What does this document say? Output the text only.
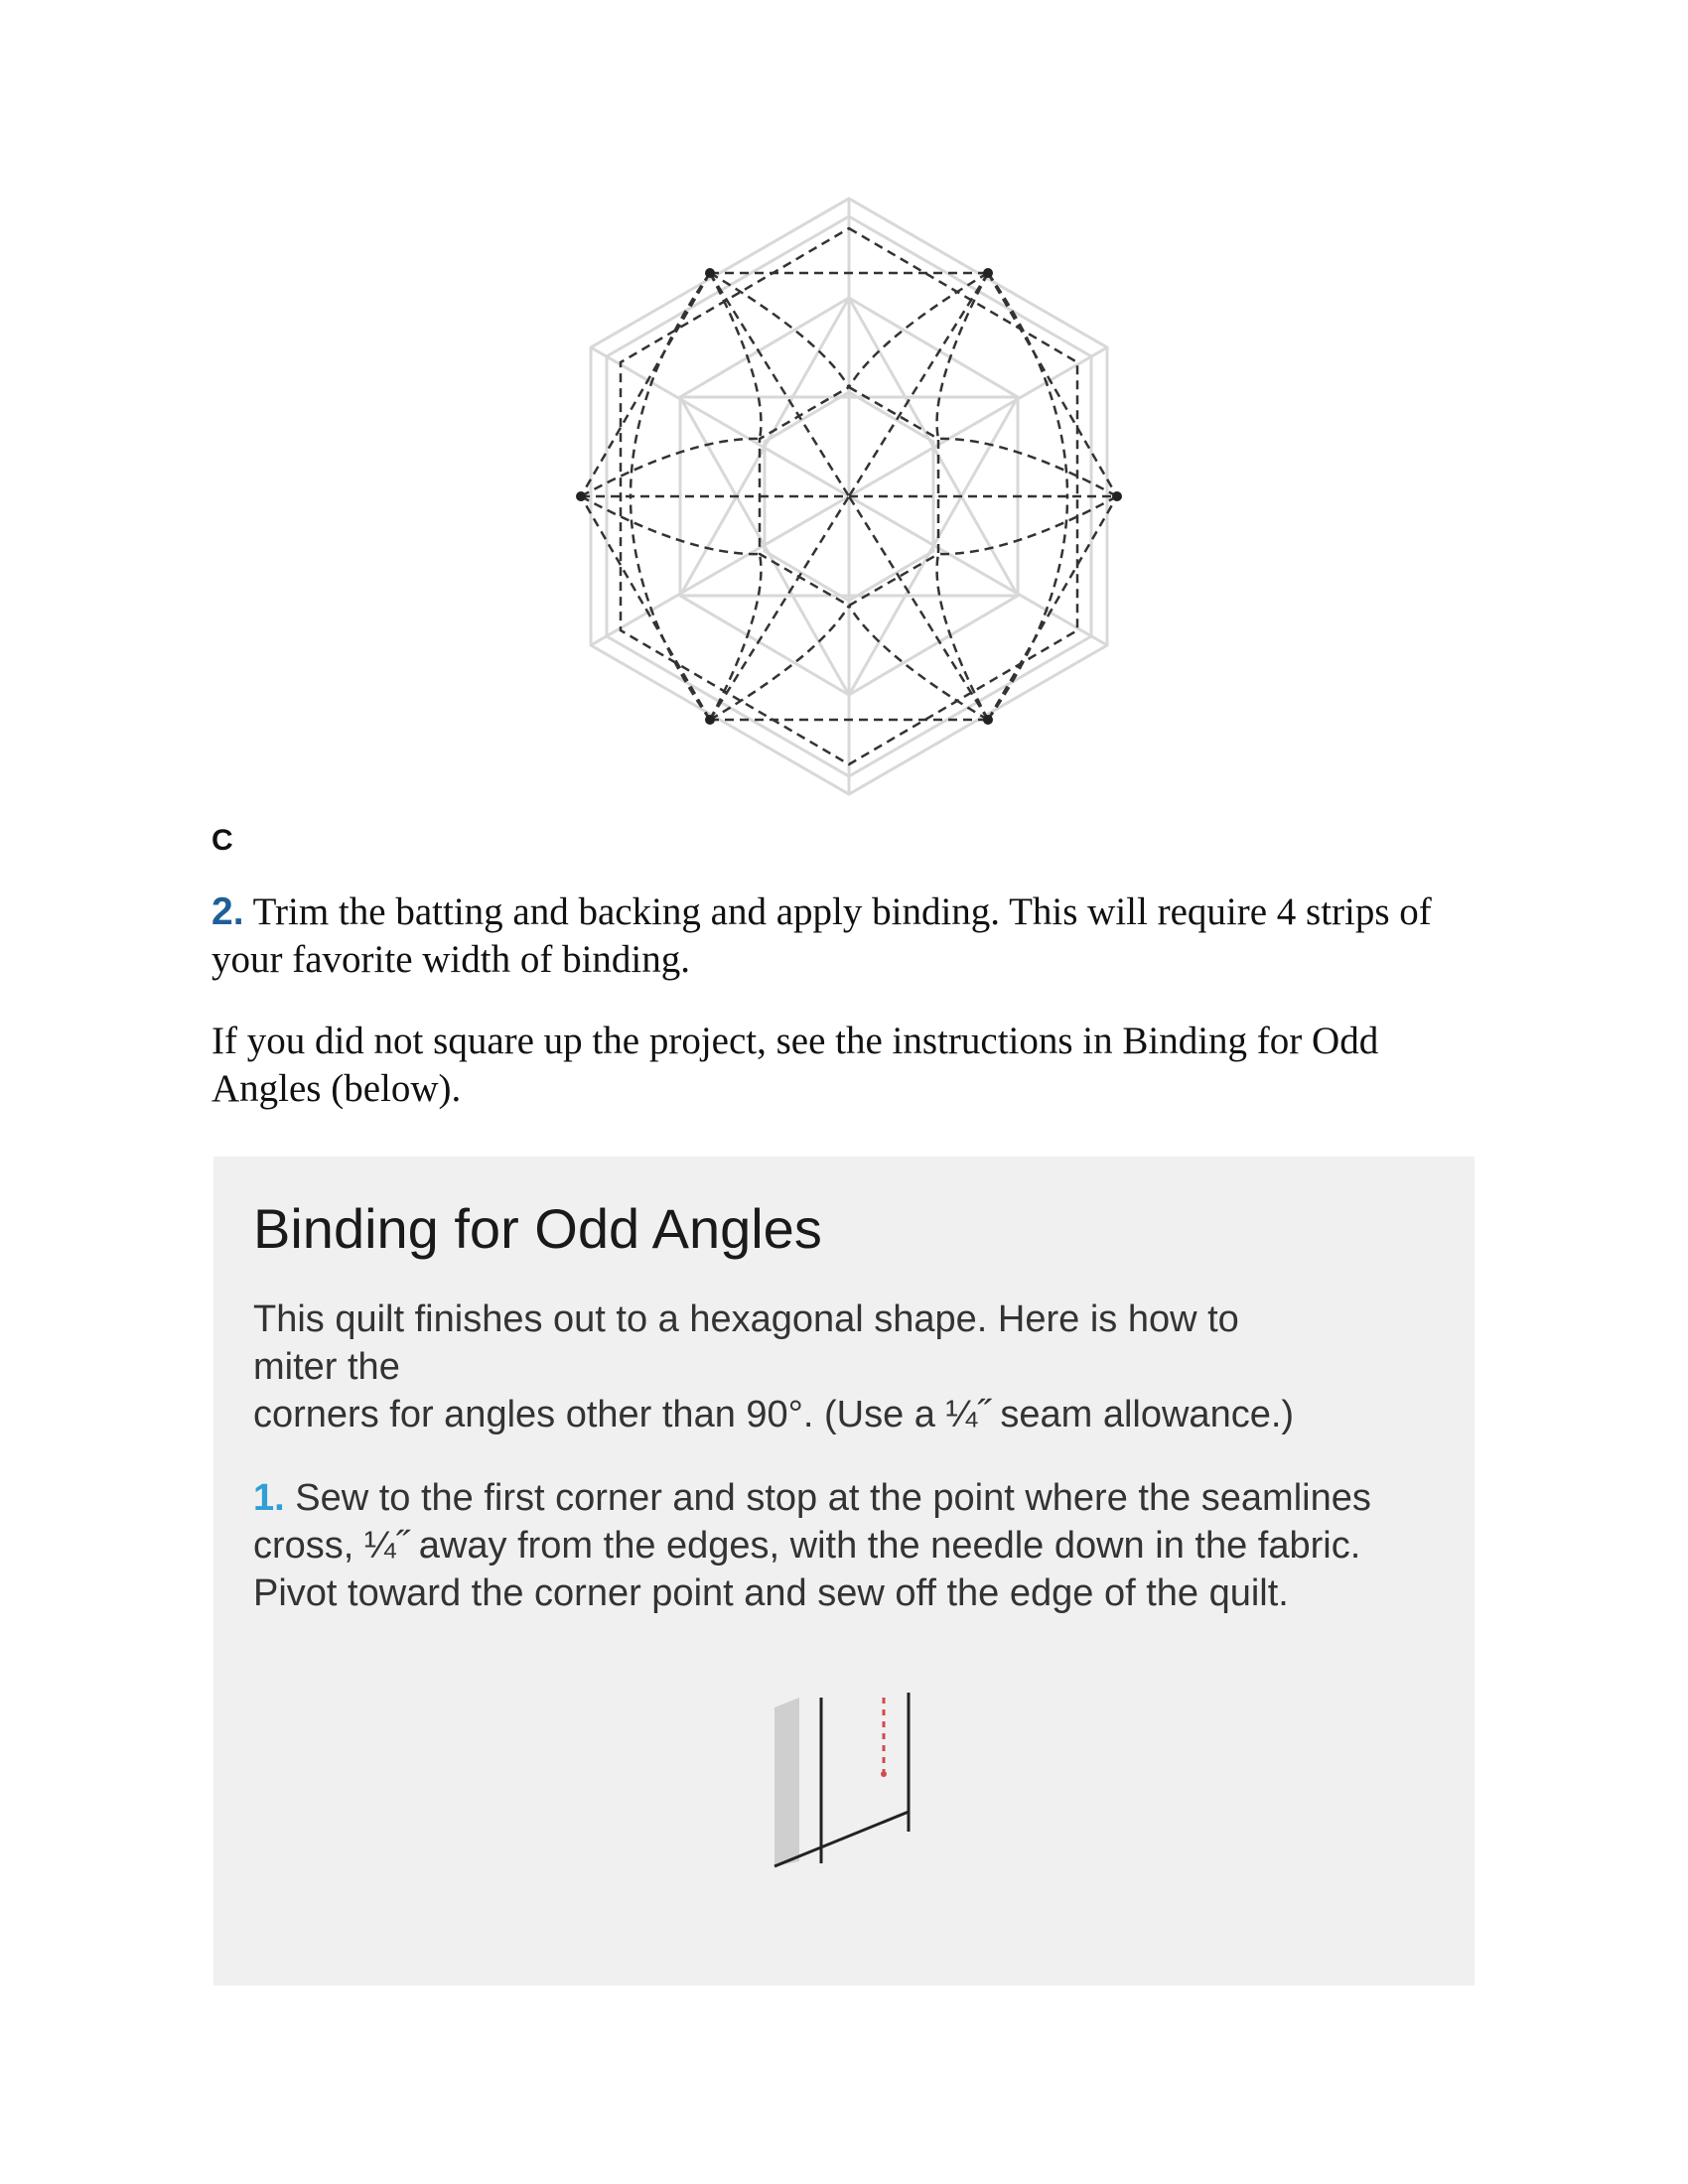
C
2. Trim the batting and backing and apply binding. This will require 4 strips of your favorite width of binding.
If you did not square up the project, see the instructions in Binding for Odd Angles (below).
Binding for Odd Angles
This quilt finishes out to a hexagonal shape. Here is how to
miter the
corners for angles other than 90°. (Use a ¼˝ seam allowance.)
1. Sew to the first corner and stop at the point where the seamlines cross, ¼˝ away from the edges, with the needle down in the fabric. Pivot toward the corner point and sew off the edge of the quilt.
